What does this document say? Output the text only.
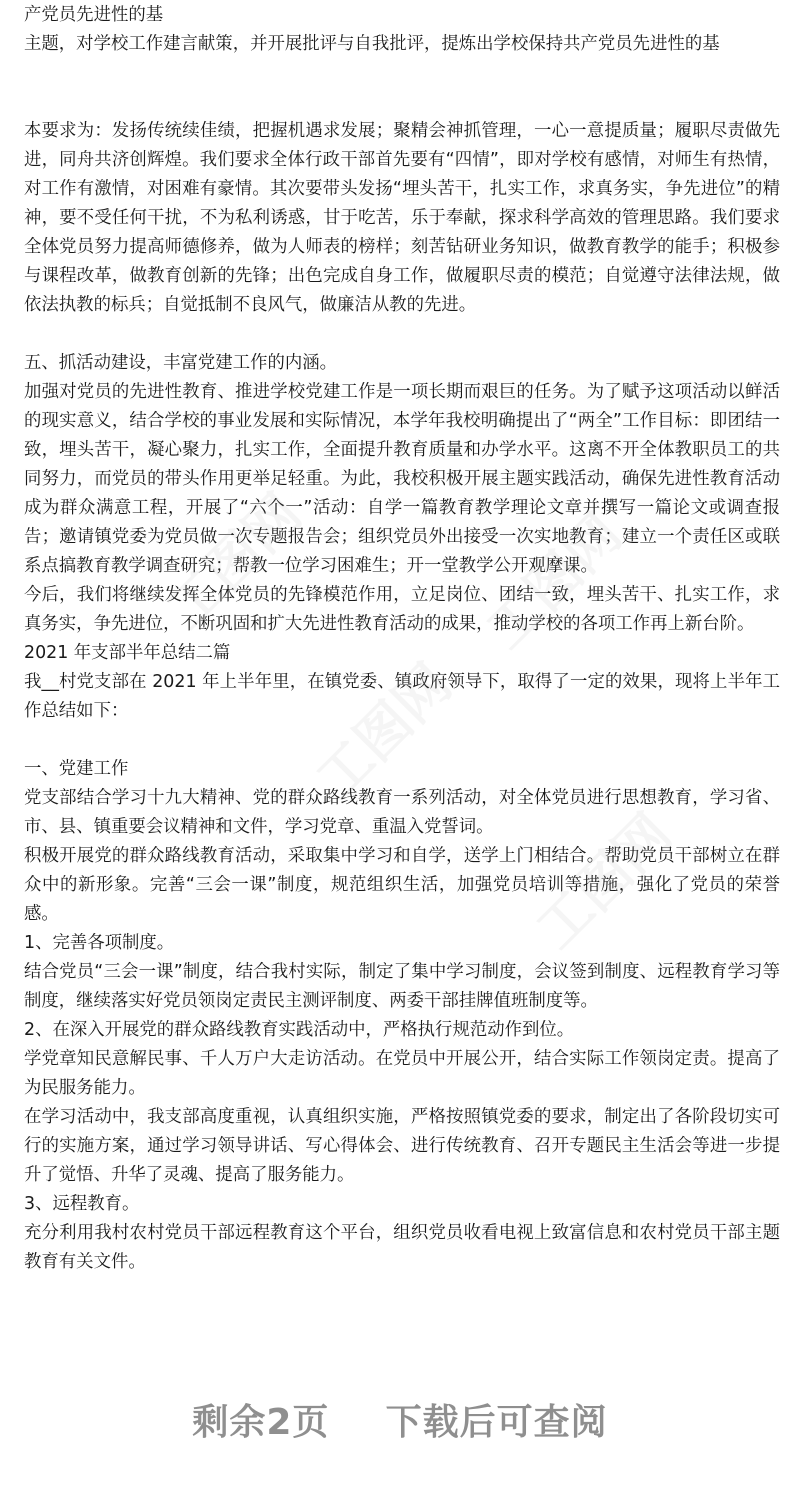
产党员先进性的基

主题，对学校工作建言献策，并开展批评与自我批评，提炼出学校保持共产党员先进性的基

本要求为：发扬传统续佳绩，把握机遇求发展；聚精会神抓管理，一心一意提质量；履职尽责做先进，同舟共济创辉煌。我们要求全体行政干部首先要有“四情”，即对学校有感情，对师生有热情，对工作有激情，对困难有豪情。其次要带头发扬“埋头苦干，扎实工作，求真务实，争先进位”的精神，要不受任何干扰，不为私利诱惑，甘于吃苦，乐于奉献，探求科学高效的管理思路。我们要求全体党员努力提高师德修养，做为人师表的榜样；刻苦钻研业务知识，做教育教学的能手；积极参与课程改革，做教育创新的先锋；出色完成自身工作，做履职尽责的模范；自觉遵守法律法规，做依法执教的标兵；自觉抵制不良风气，做廉洁从教的先进。

五、抓活动建设，丰富党建工作的内涵。

加强对党员的先进性教育、推进学校党建工作是一项长期而艰巨的任务。为了赋予这项活动以鲜活的现实意义，结合学校的事业发展和实际情况，本学年我校明确提出了“两全”工作目标：即团结一致，埋头苦干，凝心聚力，扎实工作，全面提升教育质量和办学水平。这离不开全体教职员工的共同努力，而党员的带头作用更举足轻重。为此，我校积极开展主题实践活动，确保先进性教育活动成为群众满意工程，开展了“六个一”活动：自学一篇教育教学理论文章并撰写一篇论文或调查报告；邀请镇党委为党员做一次专题报告会；组织党员外出接受一次实地教育；建立一个责任区或联系点搞教育教学调查研究；帮教一位学习困难生；开一堂教学公开观摩课。

今后，我们将继续发挥全体党员的先锋模范作用，立足岗位、团结一致，埋头苦干、扎实工作，求真务实，争先进位，不断巩固和扩大先进性教育活动的成果，推动学校的各项工作再上新台阶。

2021 年支部半年总结二篇

我__村党支部在 2021 年上半年里，在镇党委、镇政府领导下，取得了一定的效果，现将上半年工作总结如下：

一、党建工作

党支部结合学习十九大精神、党的群众路线教育一系列活动，对全体党员进行思想教育，学习省、市、县、镇重要会议精神和文件，学习党章、重温入党誓词。

积极开展党的群众路线教育活动，采取集中学习和自学，送学上门相结合。帮助党员干部树立在群众中的新形象。完善“三会一课”制度，规范组织生活，加强党员培训等措施，强化了党员的荣誉感。

1、完善各项制度。

结合党员“三会一课”制度，结合我村实际，制定了集中学习制度，会议签到制度、远程教育学习等制度，继续落实好党员领岗定责民主测评制度、两委干部挂牌值班制度等。

2、在深入开展党的群众路线教育实践活动中，严格执行规范动作到位。

学党章知民意解民事、千人万户大走访活动。在党员中开展公开，结合实际工作领岗定责。提高了为民服务能力。

在学习活动中，我支部高度重视，认真组织实施，严格按照镇党委的要求，制定出了各阶段切实可行的实施方案，通过学习领导讲话、写心得体会、进行传统教育、召开专题民主生活会等进一步提升了觉悟、升华了灵魂、提高了服务能力。

3、远程教育。

充分利用我村农村党员干部远程教育这个平台，组织党员收看电视上致富信息和农村党员干部主题教育有关文件。

工图网	工图网
工图网
工图网
剩余2页 下载后可查阅
